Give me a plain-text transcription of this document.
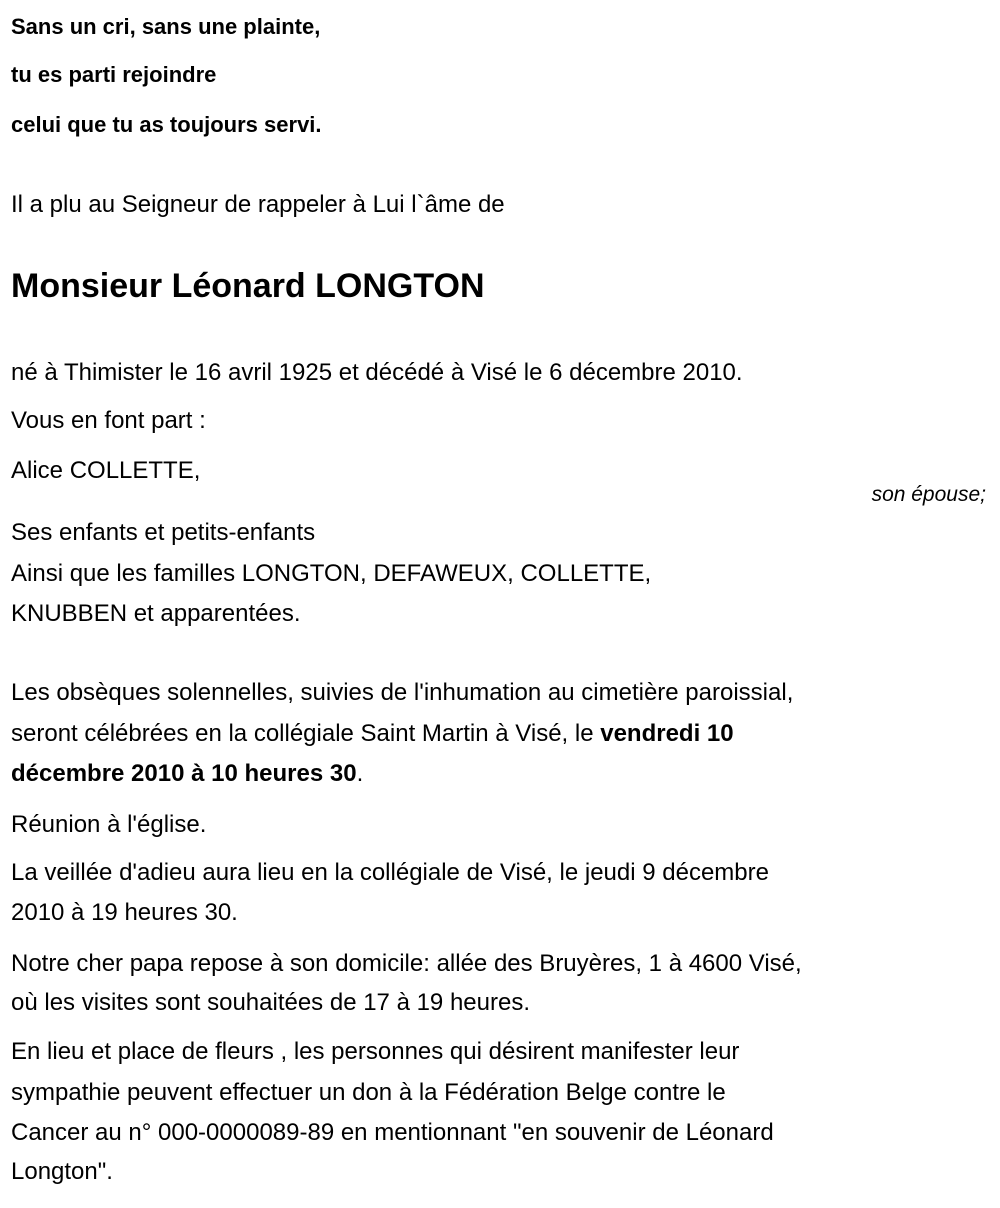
Sans un cri, sans une plainte,
tu es parti rejoindre
celui que tu as toujours servi.
Il a plu au Seigneur de rappeler à Lui l`âme de
Monsieur Léonard LONGTON
né à Thimister le 16 avril 1925 et décédé à Visé le 6 décembre 2010.
Vous en font part :
Alice COLLETTE,
son épouse;
Ses enfants et petits-enfants
Ainsi que les familles LONGTON, DEFAWEUX, COLLETTE,
KNUBBEN et apparentées.
Les obsèques solennelles, suivies de l'inhumation au cimetière paroissial,
seront célébrées en la collégiale Saint Martin à Visé, le vendredi 10
décembre 2010 à 10 heures 30.
Réunion à l'église.
La veillée d'adieu aura lieu en la collégiale de Visé, le jeudi 9 décembre
2010 à 19 heures 30.
Notre cher papa repose à son domicile: allée des Bruyères, 1 à 4600 Visé,
où les visites sont souhaitées de 17 à 19 heures.
En lieu et place de fleurs , les personnes qui désirent manifester leur
sympathie peuvent effectuer un don à la Fédération Belge contre le
Cancer au n° 000-0000089-89 en mentionnant "en souvenir de Léonard
Longton".
